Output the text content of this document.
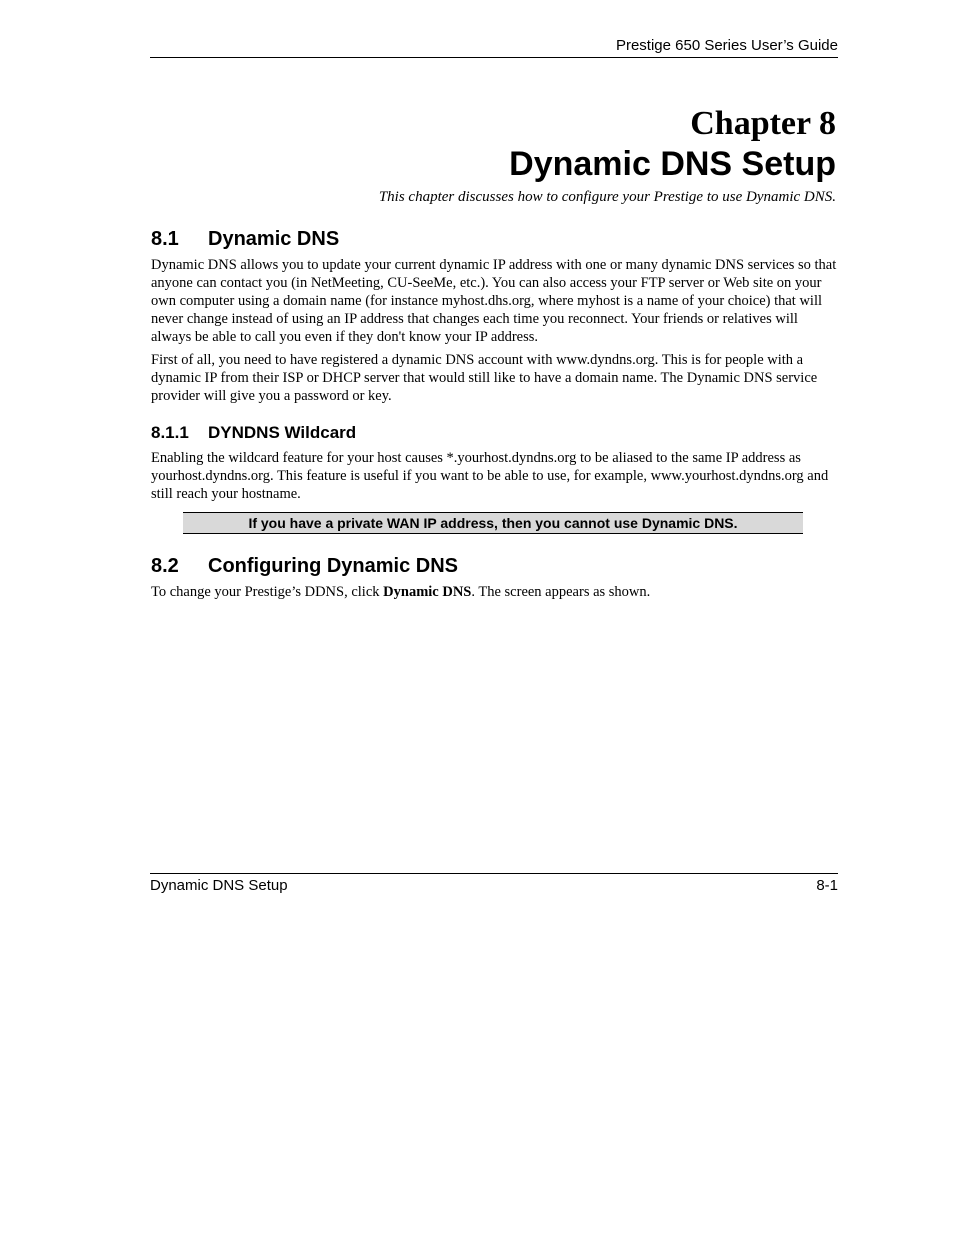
Prestige 650 Series User’s Guide
Chapter 8
Dynamic DNS Setup
This chapter discusses how to configure your Prestige to use Dynamic DNS.
8.1 Dynamic DNS
Dynamic DNS allows you to update your current dynamic IP address with one or many dynamic DNS services so that anyone can contact you (in NetMeeting, CU-SeeMe, etc.). You can also access your FTP server or Web site on your own computer using a domain name (for instance myhost.dhs.org, where myhost is a name of your choice) that will never change instead of using an IP address that changes each time you reconnect. Your friends or relatives will always be able to call you even if they don't know your IP address.
First of all, you need to have registered a dynamic DNS account with www.dyndns.org. This is for people with a dynamic IP from their ISP or DHCP server that would still like to have a domain name. The Dynamic DNS service provider will give you a password or key.
8.1.1 DYNDNS Wildcard
Enabling the wildcard feature for your host causes *.yourhost.dyndns.org to be aliased to the same IP address as yourhost.dyndns.org. This feature is useful if you want to be able to use, for example, www.yourhost.dyndns.org and still reach your hostname.
If you have a private WAN IP address, then you cannot use Dynamic DNS.
8.2 Configuring Dynamic DNS
To change your Prestige’s DDNS, click Dynamic DNS. The screen appears as shown.
Dynamic DNS Setup	8-1
